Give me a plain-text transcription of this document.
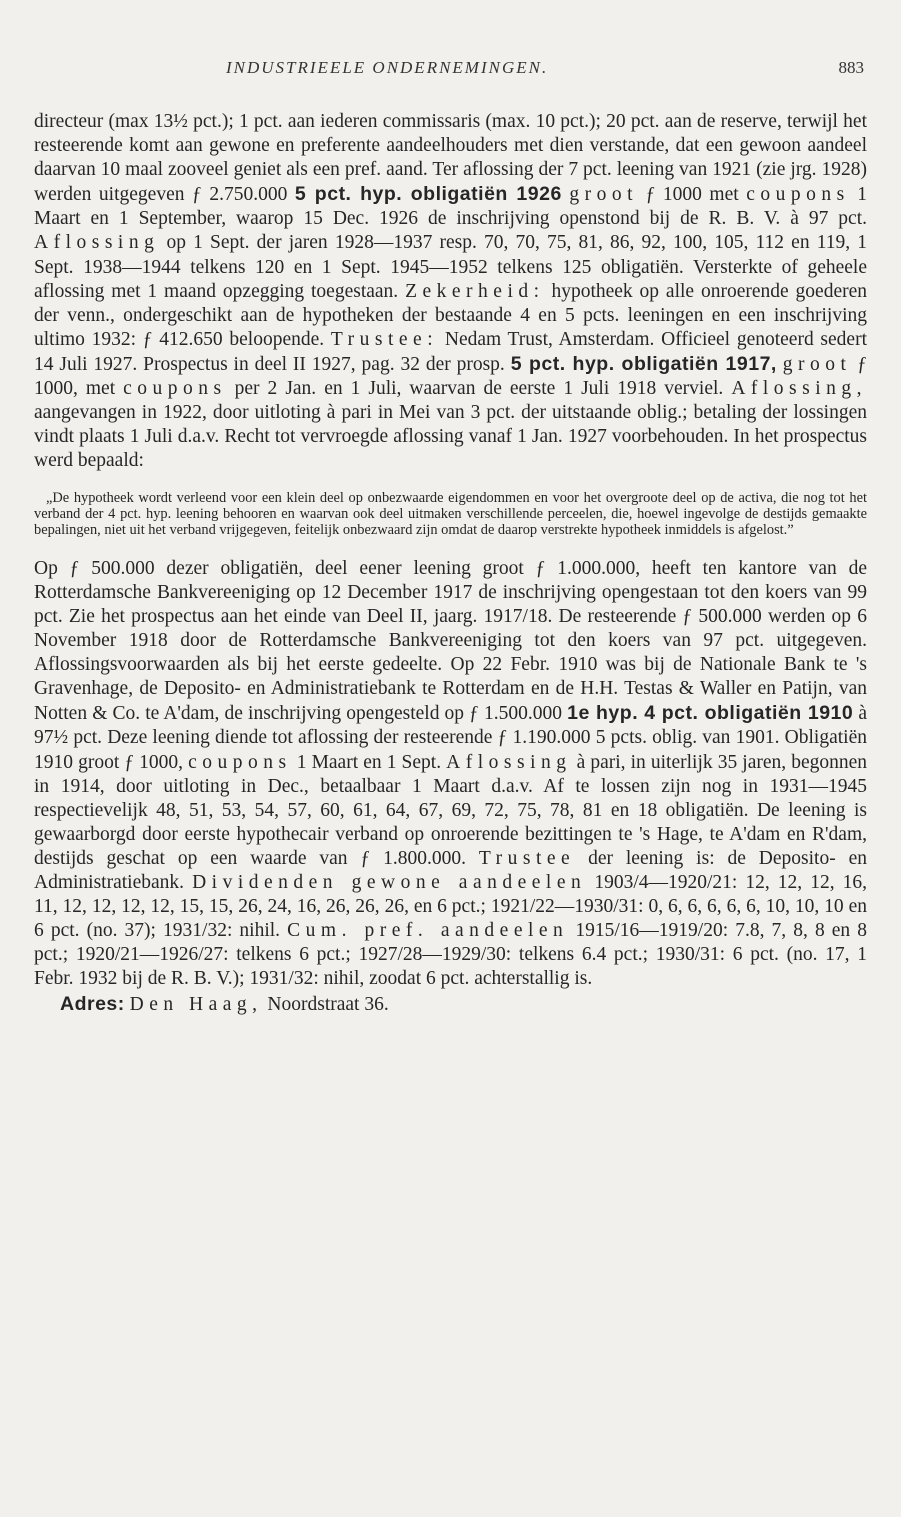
INDUSTRIEELE ONDERNEMINGEN.	883

directeur (max 13½ pct.); 1 pct. aan iederen commissaris (max. 10 pct.); 20 pct. aan de reserve, terwijl het resteerende komt aan gewone en preferente aandeelhouders met dien verstande, dat een gewoon aandeel daarvan 10 maal zooveel geniet als een pref. aand. Ter aflossing der 7 pct. leening van 1921 (zie jrg. 1928) werden uitgegeven ƒ 2.750.000 5 pct. hyp. obligatiën 1926 groot ƒ 1000 met coupons 1 Maart en 1 September, waarop 15 Dec. 1926 de inschrijving openstond bij de R. B. V. à 97 pct. Aflossing op 1 Sept. der jaren 1928—1937 resp. 70, 70, 75, 81, 86, 92, 100, 105, 112 en 119, 1 Sept. 1938—1944 telkens 120 en 1 Sept. 1945—1952 telkens 125 obligatiën. Versterkte of geheele aflossing met 1 maand opzegging toegestaan. Zekerheid: hypotheek op alle onroerende goederen der venn., ondergeschikt aan de hypotheken der bestaande 4 en 5 pcts. leeningen en een inschrijving ultimo 1932: ƒ 412.650 beloopende. Trustee: Nedam Trust, Amsterdam. Officieel genoteerd sedert 14 Juli 1927. Prospectus in deel II 1927, pag. 32 der prosp. 5 pct. hyp. obligatiën 1917, groot ƒ 1000, met coupons per 2 Jan. en 1 Juli, waarvan de eerste 1 Juli 1918 verviel. Aflossing, aangevangen in 1922, door uitloting à pari in Mei van 3 pct. der uitstaande oblig.; betaling der lossingen vindt plaats 1 Juli d.a.v. Recht tot vervroegde aflossing vanaf 1 Jan. 1927 voorbehouden. In het prospectus werd bepaald:

„De hypotheek wordt verleend voor een klein deel op onbezwaarde eigendommen en voor het overgroote deel op de activa, die nog tot het verband der 4 pct. hyp. leening behooren en waarvan ook deel uitmaken verschillende perceelen, die, hoewel ingevolge de destijds gemaakte bepalingen, niet uit het verband vrijgegeven, feitelijk onbezwaard zijn omdat de daarop verstrekte hypotheek inmiddels is afgelost.”

Op ƒ 500.000 dezer obligatiën, deel eener leening groot ƒ 1.000.000, heeft ten kantore van de Rotterdamsche Bankvereeniging op 12 December 1917 de inschrijving opengestaan tot den koers van 99 pct. Zie het prospectus aan het einde van Deel II, jaarg. 1917/18. De resteerende ƒ 500.000 werden op 6 November 1918 door de Rotterdamsche Bankvereeniging tot den koers van 97 pct. uitgegeven. Aflossingsvoorwaarden als bij het eerste gedeelte. Op 22 Febr. 1910 was bij de Nationale Bank te 's Gravenhage, de Deposito- en Administratiebank te Rotterdam en de H.H. Testas & Waller en Patijn, van Notten & Co. te A'dam, de inschrijving opengesteld op ƒ 1.500.000 1e hyp. 4 pct. obligatiën 1910 à 97½ pct. Deze leening diende tot aflossing der resteerende ƒ 1.190.000 5 pcts. oblig. van 1901. Obligatiën 1910 groot ƒ 1000, coupons 1 Maart en 1 Sept. Aflossing à pari, in uiterlijk 35 jaren, begonnen in 1914, door uitloting in Dec., betaalbaar 1 Maart d.a.v. Af te lossen zijn nog in 1931—1945 respectievelijk 48, 51, 53, 54, 57, 60, 61, 64, 67, 69, 72, 75, 78, 81 en 18 obligatiën. De leening is gewaarborgd door eerste hypothecair verband op onroerende bezittingen te 's Hage, te A'dam en R'dam, destijds geschat op een waarde van ƒ 1.800.000. Trustee der leening is: de Deposito- en Administratiebank. Dividenden gewone aandeelen 1903/4—1920/21: 12, 12, 12, 16, 11, 12, 12, 12, 12, 15, 15, 26, 24, 16, 26, 26, 26, en 6 pct.; 1921/22—1930/31: 0, 6, 6, 6, 6, 6, 10, 10, 10 en 6 pct. (no. 37); 1931/32: nihil. Cum. pref. aandeelen 1915/16—1919/20: 7.8, 7, 8, 8 en 8 pct.; 1920/21—1926/27: telkens 6 pct.; 1927/28—1929/30: telkens 6.4 pct.; 1930/31: 6 pct. (no. 17, 1 Febr. 1932 bij de R. B. V.); 1931/32: nihil, zoodat 6 pct. achterstallig is.

Adres: Den Haag, Noordstraat 36.
